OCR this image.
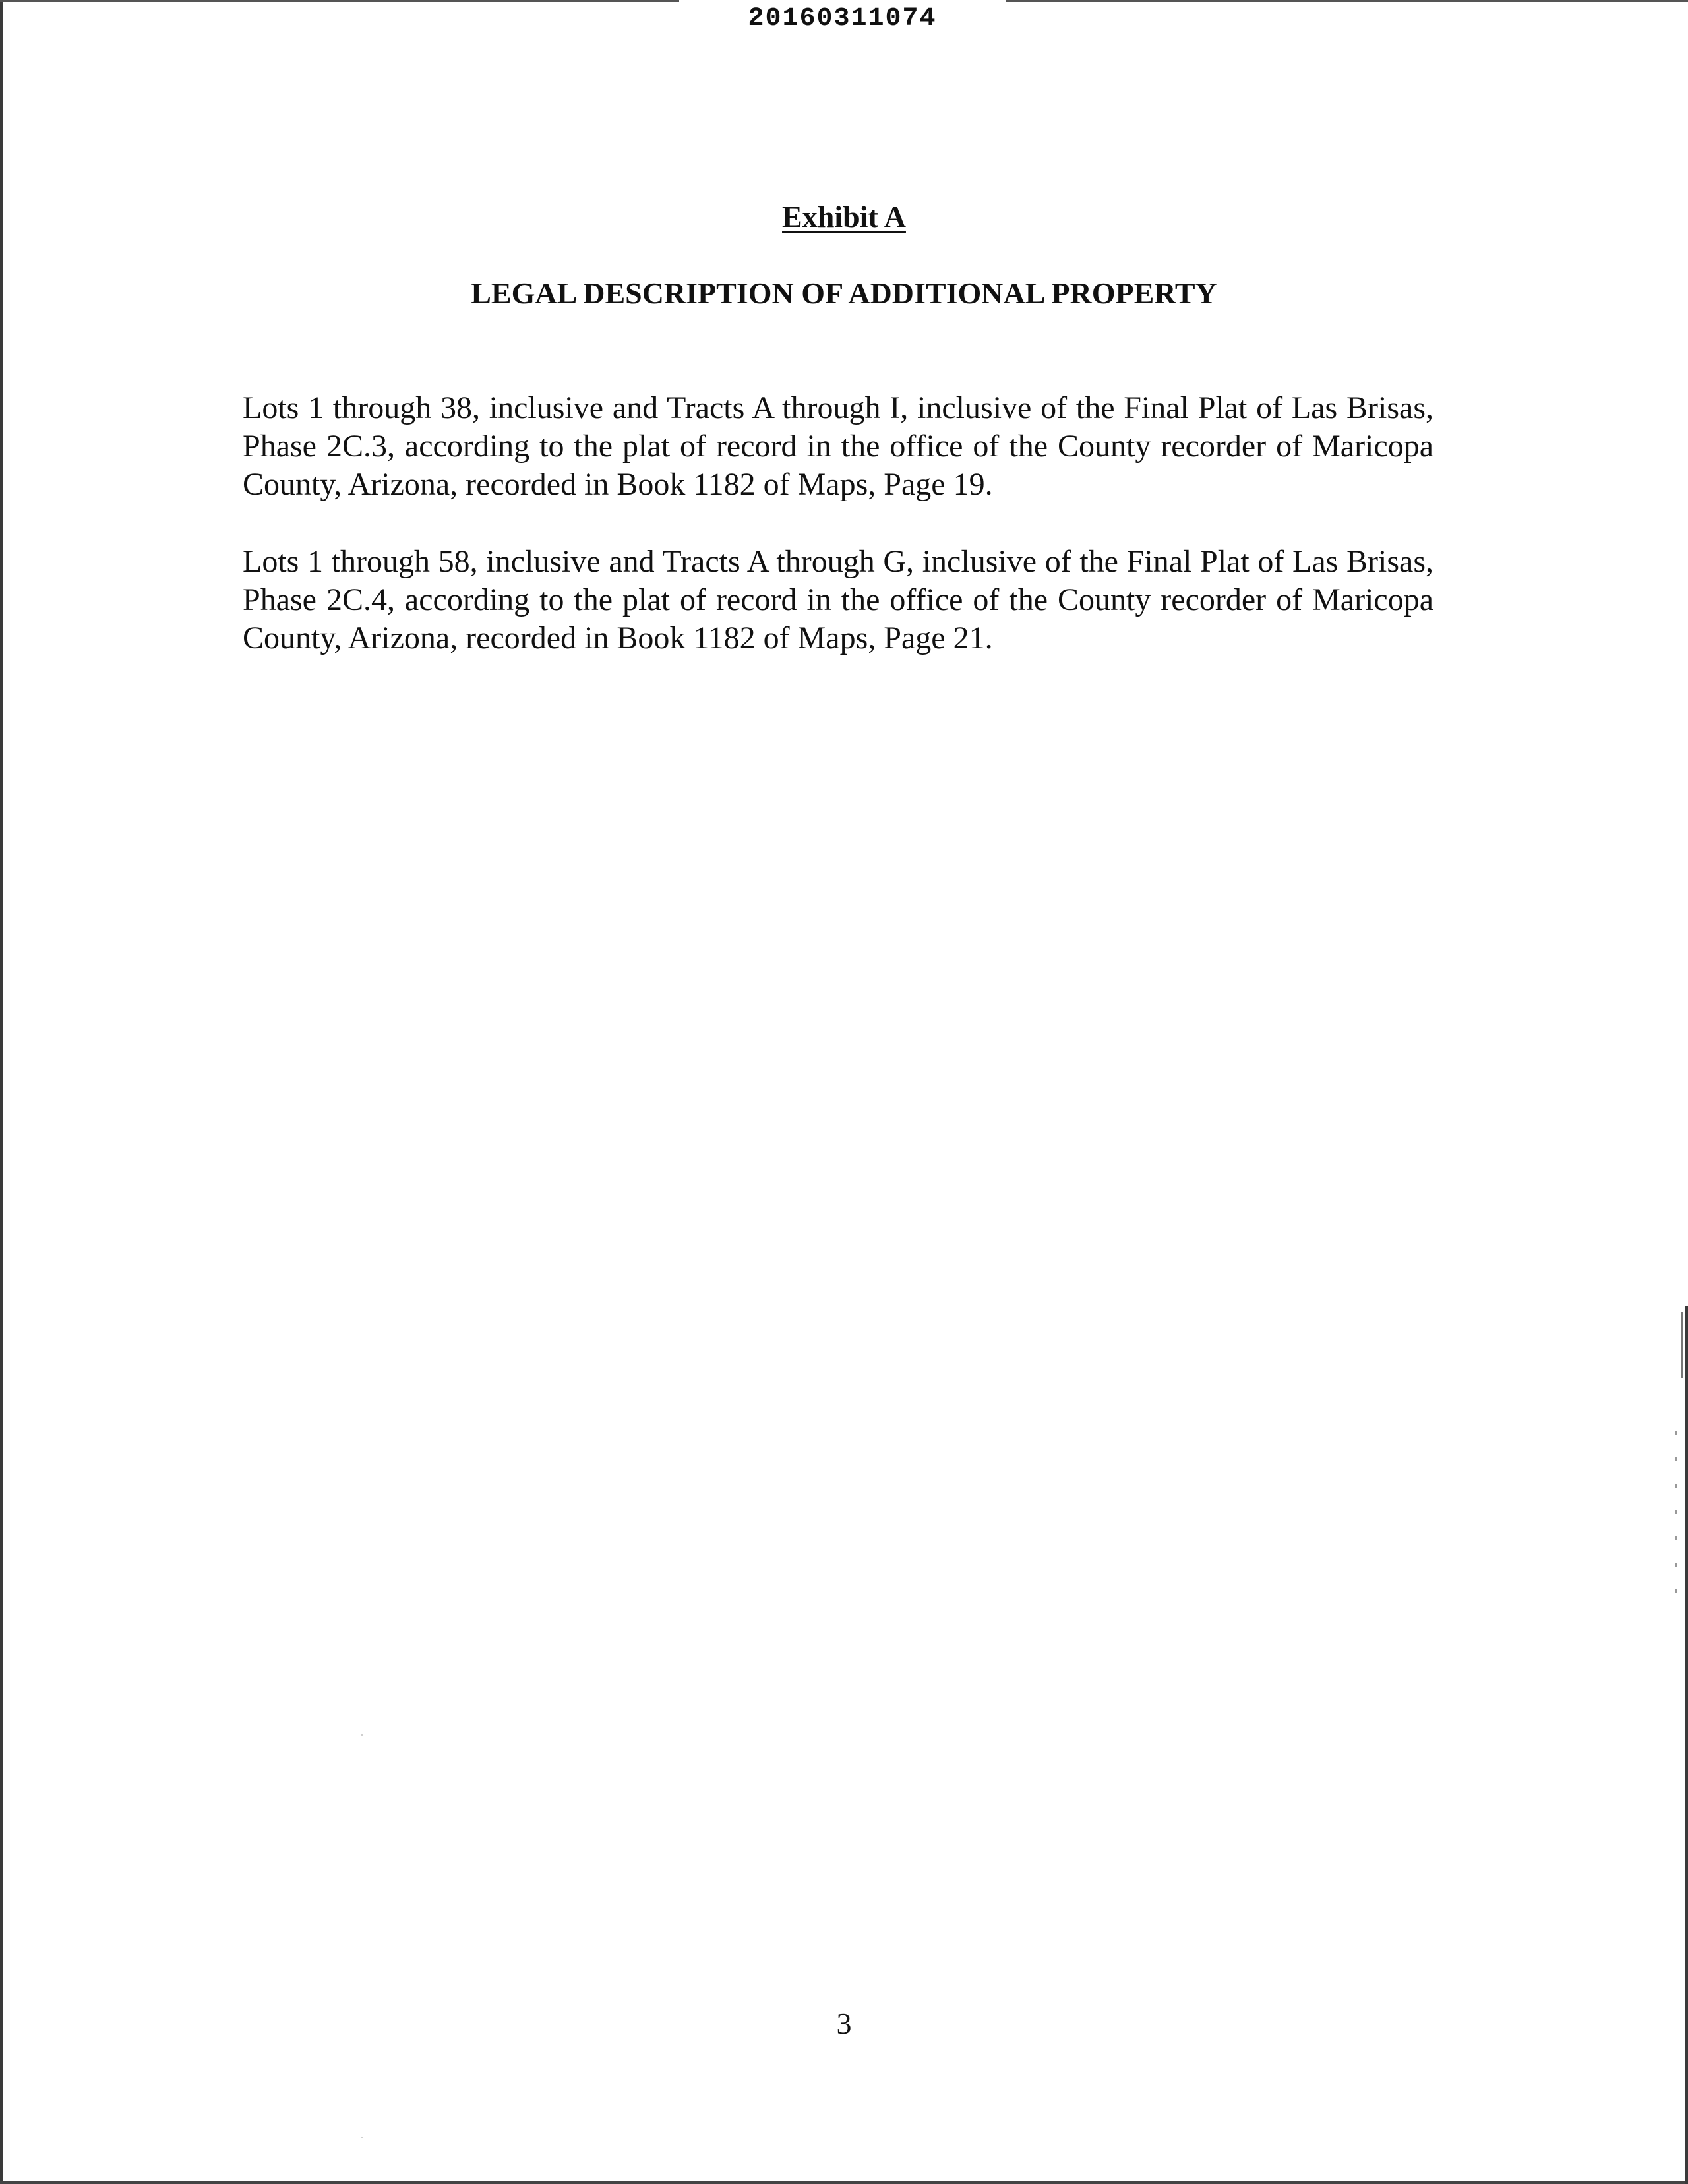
20160311074
Exhibit A
LEGAL DESCRIPTION OF ADDITIONAL PROPERTY
Lots 1 through 38, inclusive and Tracts A through I, inclusive of the Final Plat of Las Brisas, Phase 2C.3, according to the plat of record in the office of the County recorder of Maricopa County, Arizona, recorded in Book 1182 of Maps, Page 19.
Lots 1 through 58, inclusive and Tracts A through G, inclusive of the Final Plat of Las Brisas, Phase 2C.4, according to the plat of record in the office of the County recorder of Maricopa County, Arizona, recorded in Book 1182 of Maps, Page 21.
3
